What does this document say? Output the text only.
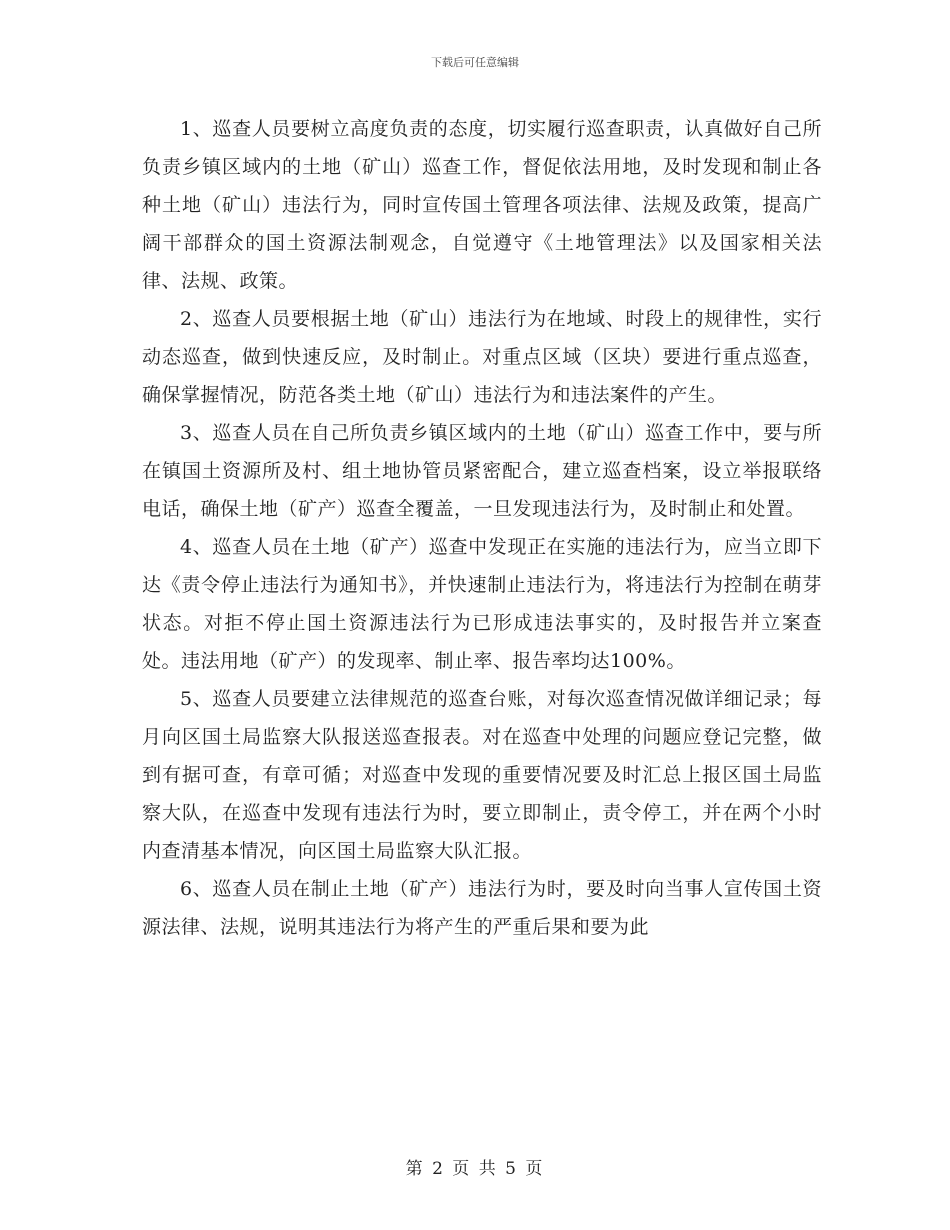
下载后可任意编辑

1、巡查人员要树立高度负责的态度，切实履行巡查职责，认真做好自己所负责乡镇区域内的土地（矿山）巡查工作，督促依法用地，及时发现和制止各种土地（矿山）违法行为，同时宣传国土管理各项法律、法规及政策，提高广阔干部群众的国土资源法制观念，自觉遵守《土地管理法》以及国家相关法律、法规、政策。

2、巡查人员要根据土地（矿山）违法行为在地域、时段上的规律性，实行动态巡查，做到快速反应，及时制止。对重点区域（区块）要进行重点巡查，确保掌握情况，防范各类土地（矿山）违法行为和违法案件的产生。

3、巡查人员在自己所负责乡镇区域内的土地（矿山）巡查工作中，要与所在镇国土资源所及村、组土地协管员紧密配合，建立巡查档案，设立举报联络电话，确保土地（矿产）巡查全覆盖，一旦发现违法行为，及时制止和处置。

4、巡查人员在土地（矿产）巡查中发现正在实施的违法行为，应当立即下达《责令停止违法行为通知书》，并快速制止违法行为，将违法行为控制在萌芽状态。对拒不停止国土资源违法行为已形成违法事实的，及时报告并立案查处。违法用地（矿产）的发现率、制止率、报告率均达100%。

5、巡查人员要建立法律规范的巡查台账，对每次巡查情况做详细记录；每月向区国土局监察大队报送巡查报表。对在巡查中处理的问题应登记完整，做到有据可查，有章可循；对巡查中发现的重要情况要及时汇总上报区国土局监察大队，在巡查中发现有违法行为时，要立即制止，责令停工，并在两个小时内查清基本情况，向区国土局监察大队汇报。

6、巡查人员在制止土地（矿产）违法行为时，要及时向当事人宣传国土资源法律、法规，说明其违法行为将产生的严重后果和要为此

第 2 页 共 5 页
